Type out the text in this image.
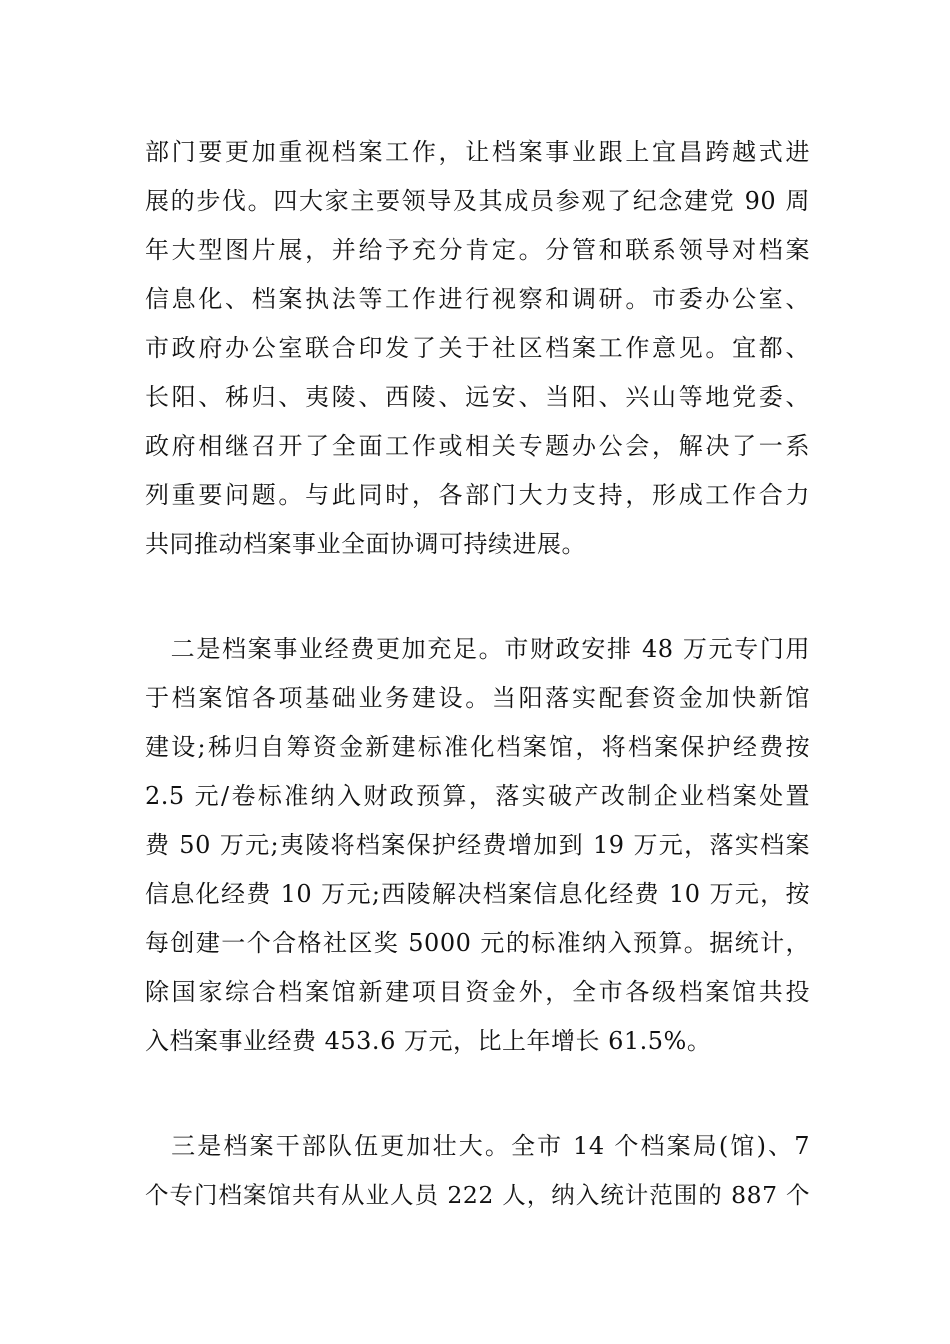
部门要更加重视档案工作，让档案事业跟上宜昌跨越式进
展的步伐。四大家主要领导及其成员参观了纪念建党 90 周
年大型图片展，并给予充分肯定。分管和联系领导对档案
信息化、档案执法等工作进行视察和调研。市委办公室、
市政府办公室联合印发了关于社区档案工作意见。宜都、
长阳、秭归、夷陵、西陵、远安、当阳、兴山等地党委、
政府相继召开了全面工作或相关专题办公会，解决了一系
列重要问题。与此同时，各部门大力支持，形成工作合力
共同推动档案事业全面协调可持续进展。

　二是档案事业经费更加充足。市财政安排 48 万元专门用
于档案馆各项基础业务建设。当阳落实配套资金加快新馆
建设;秭归自筹资金新建标准化档案馆，将档案保护经费按
2.5 元/卷标准纳入财政预算，落实破产改制企业档案处置
费 50 万元;夷陵将档案保护经费增加到 19 万元，落实档案
信息化经费 10 万元;西陵解决档案信息化经费 10 万元，按
每创建一个合格社区奖 5000 元的标准纳入预算。据统计，
除国家综合档案馆新建项目资金外，全市各级档案馆共投
入档案事业经费 453.6 万元，比上年增长 61.5%。

　三是档案干部队伍更加壮大。全市 14 个档案局(馆)、7
个专门档案馆共有从业人员 222 人，纳入统计范围的 887 个
